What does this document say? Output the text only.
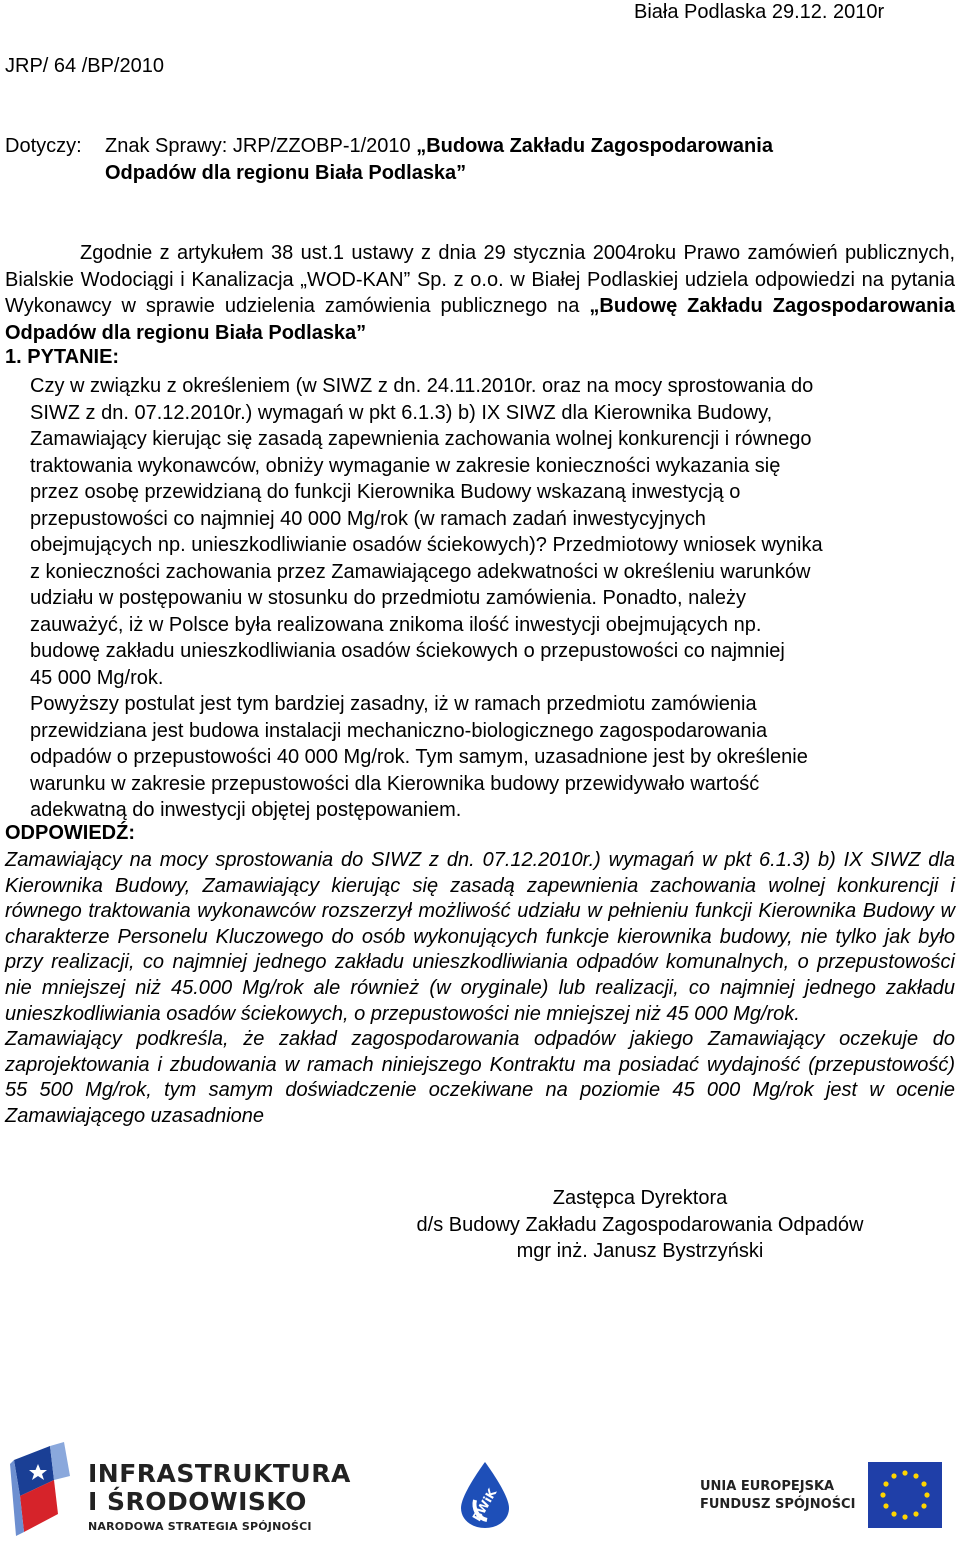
Biała Podlaska 29.12. 2010r
JRP/ 64 /BP/2010
Dotyczy: Znak Sprawy: JRP/ZZOBP-1/2010 „Budowa Zakładu Zagospodarowania
Odpadów dla regionu Biała Podlaska”
Zgodnie z artykułem 38 ust.1 ustawy z dnia 29 stycznia 2004roku Prawo zamówień publicznych, Bialskie Wodociągi i Kanalizacja „WOD-KAN” Sp. z o.o. w Białej Podlaskiej udziela odpowiedzi na pytania Wykonawcy w sprawie udzielenia zamówienia publicznego na „Budowę Zakładu Zagospodarowania Odpadów dla regionu Biała Podlaska”
1. PYTANIE:
Czy w związku z określeniem (w SIWZ z dn. 24.11.2010r. oraz na mocy sprostowania do
SIWZ z dn. 07.12.2010r.) wymagań w pkt 6.1.3) b) IX SIWZ dla Kierownika Budowy,
Zamawiający kierując się zasadą zapewnienia zachowania wolnej konkurencji i równego
traktowania wykonawców, obniży wymaganie w zakresie konieczności wykazania się
przez osobę przewidzianą do funkcji Kierownika Budowy wskazaną inwestycją o
przepustowości co najmniej 40 000 Mg/rok (w ramach zadań inwestycyjnych
obejmujących np. unieszkodliwianie osadów ściekowych)? Przedmiotowy wniosek wynika
z konieczności zachowania przez Zamawiającego adekwatności w określeniu warunków
udziału w postępowaniu w stosunku do przedmiotu zamówienia. Ponadto, należy
zauważyć, iż w Polsce była realizowana znikoma ilość inwestycji obejmujących np.
budowę zakładu unieszkodliwiania osadów ściekowych o przepustowości co najmniej
45 000 Mg/rok.
Powyższy postulat jest tym bardziej zasadny, iż w ramach przedmiotu zamówienia
przewidziana jest budowa instalacji mechaniczno-biologicznego zagospodarowania
odpadów o przepustowości 40 000 Mg/rok. Tym samym, uzasadnione jest by określenie
warunku w zakresie przepustowości dla Kierownika budowy przewidywało wartość
adekwatną do inwestycji objętej postępowaniem.
ODPOWIEDŹ:
Zamawiający na mocy sprostowania do SIWZ z dn. 07.12.2010r.) wymagań w pkt 6.1.3) b) IX SIWZ dla Kierownika Budowy, Zamawiający kierując się zasadą zapewnienia zachowania wolnej konkurencji i równego traktowania wykonawców rozszerzył możliwość udziału w pełnieniu funkcji Kierownika Budowy w charakterze Personelu Kluczowego do osób wykonujących funkcje kierownika budowy, nie tylko jak było przy realizacji, co najmniej jednego zakładu unieszkodliwiania odpadów komunalnych, o przepustowości nie mniejszej niż 45.000 Mg/rok ale również (w oryginale) lub realizacji, co najmniej jednego zakładu unieszkodliwiania osadów ściekowych, o przepustowości nie mniejszej niż 45 000 Mg/rok.
Zamawiający podkreśla, że zakład zagospodarowania odpadów jakiego Zamawiający oczekuje do zaprojektowania i zbudowania w ramach niniejszego Kontraktu ma posiadać wydajność (przepustowość) 55 500 Mg/rok, tym samym doświadczenie oczekiwane na poziomie 45 000 Mg/rok jest w ocenie Zamawiającego uzasadnione
Zastępca Dyrektora
d/s Budowy Zakładu Zagospodarowania Odpadów
mgr inż. Janusz Bystrzyński
INFRASTRUKTURA
I ŚRODOWISKO
NARODOWA STRATEGIA SPÓJNOŚCI
BWiK	UNIA EUROPEJSKA
FUNDUSZ SPÓJNOŚCI
